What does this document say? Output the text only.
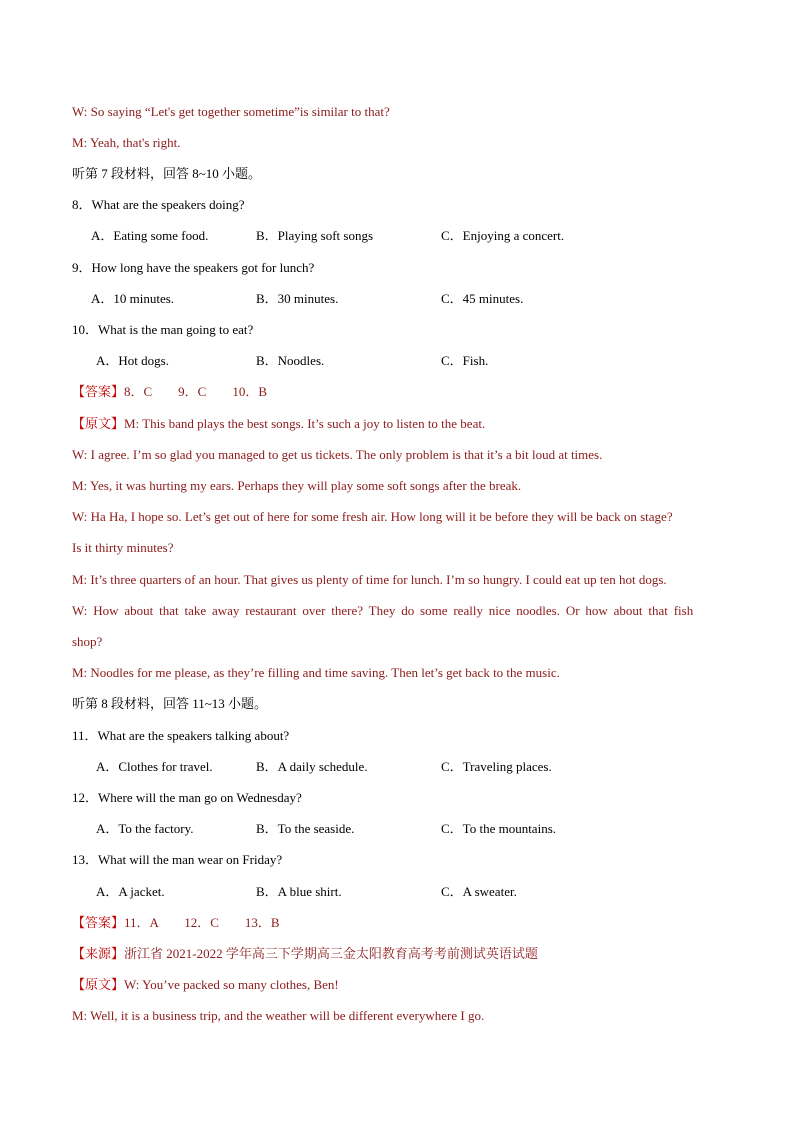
W: So saying “Let's get together sometime”is similar to that?
M: Yeah, that's right.
听第 7 段材料，回答 8~10 小题。
8．What are the speakers doing?
A．Eating some food.	B．Playing soft songs	C．Enjoying a concert.
9．How long have the speakers got for lunch?
A．10 minutes.	B．30 minutes.	C．45 minutes.
10．What is the man going to eat?
A．Hot dogs.	B．Noodles.	C．Fish.
【答案】8．C　　9．C　　10．B
【原文】M: This band plays the best songs. It’s such a joy to listen to the beat.
W: I agree. I’m so glad you managed to get us tickets. The only problem is that it’s a bit loud at times.
M: Yes, it was hurting my ears. Perhaps they will play some soft songs after the break.
W: Ha Ha, I hope so. Let’s get out of here for some fresh air. How long will it be before they will be back on stage?
Is it thirty minutes?
M: It’s three quarters of an hour. That gives us plenty of time for lunch. I’m so hungry. I could eat up ten hot dogs.
W: How about that take away restaurant over there? They do some really nice noodles. Or how about that fish
shop?
M: Noodles for me please, as they’re filling and time saving. Then let’s get back to the music.
听第 8 段材料，回答 11~13 小题。
11．What are the speakers talking about?
A．Clothes for travel.	B．A daily schedule.	C．Traveling places.
12．Where will the man go on Wednesday?
A．To the factory.	B．To the seaside.	C．To the mountains.
13．What will the man wear on Friday?
A．A jacket.	B．A blue shirt.	C．A sweater.
【答案】11．A　　12．C　　13．B
【来源】浙江省 2021-2022 学年高三下学期高三金太阳教育高考考前测试英语试题
【原文】W: You’ve packed so many clothes, Ben!
M: Well, it is a business trip, and the weather will be different everywhere I go.
